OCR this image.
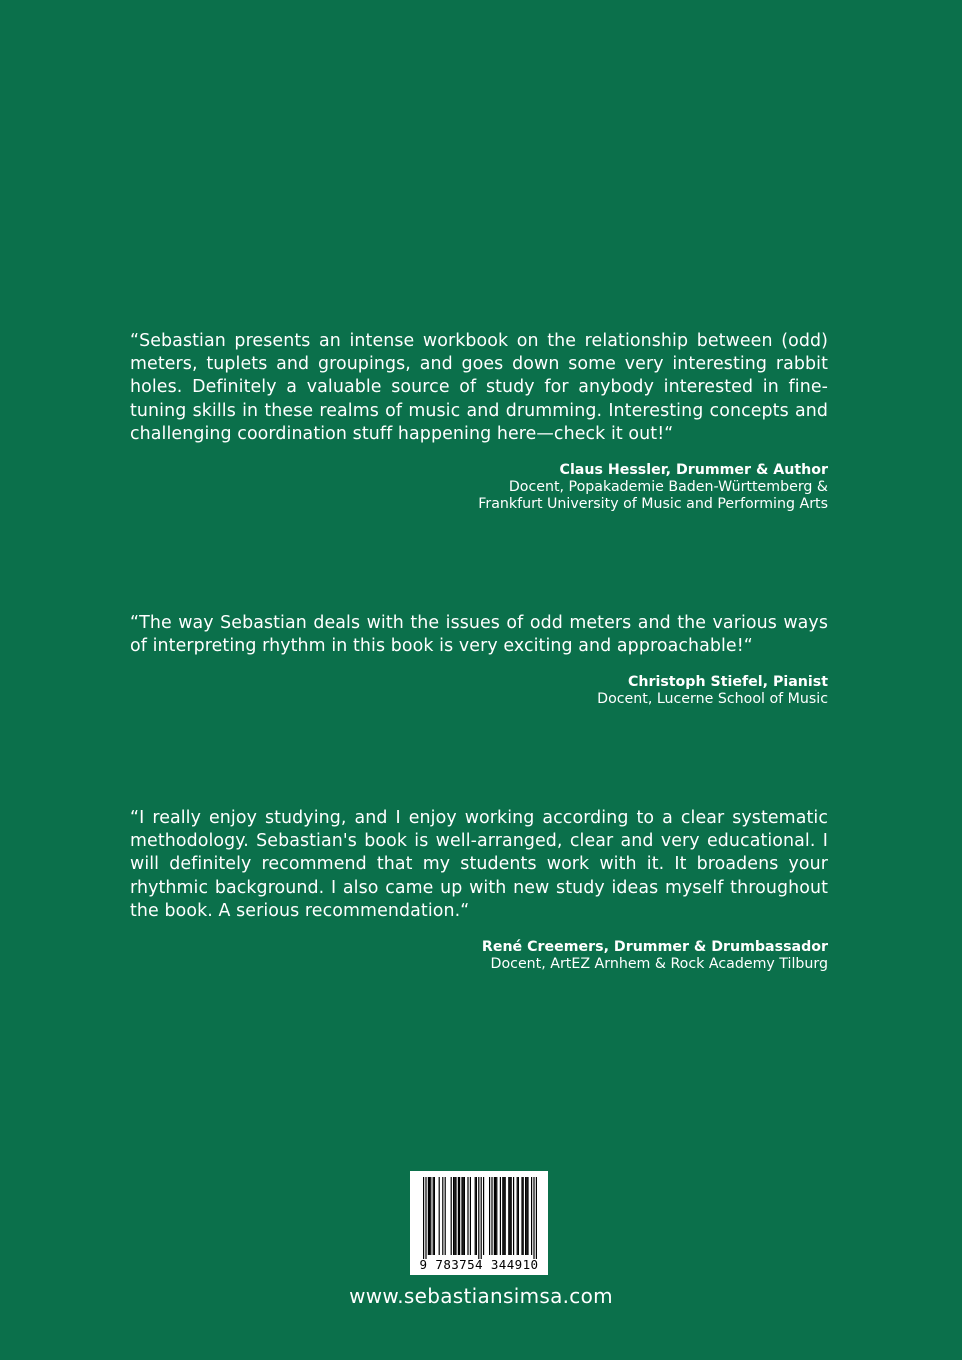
“Sebastian presents an intense workbook on the relationship between (odd) meters, tuplets and groupings, and goes down some very interesting rabbit holes. Definitely a valuable source of study for anybody interested in fine-tuning skills in these realms of music and drumming. Interesting concepts and challenging coordination stuff happening here—check it out!“

Claus Hessler, Drummer & Author
Docent, Popakademie Baden-Württemberg &
Frankfurt University of Music and Performing Arts

“The way Sebastian deals with the issues of odd meters and the various ways of interpreting rhythm in this book is very exciting and approachable!“

Christoph Stiefel, Pianist
Docent, Lucerne School of Music

“I really enjoy studying, and I enjoy working according to a clear systematic methodology. Sebastian's book is well-arranged, clear and very educational. I will definitely recommend that my students work with it. It broadens your rhythmic background. I also came up with new study ideas myself throughout the book. A serious recommendation.“

René Creemers, Drummer & Drumbassador
Docent, ArtEZ Arnhem & Rock Academy Tilburg
9 783754 344910
www.sebastiansimsa.com
